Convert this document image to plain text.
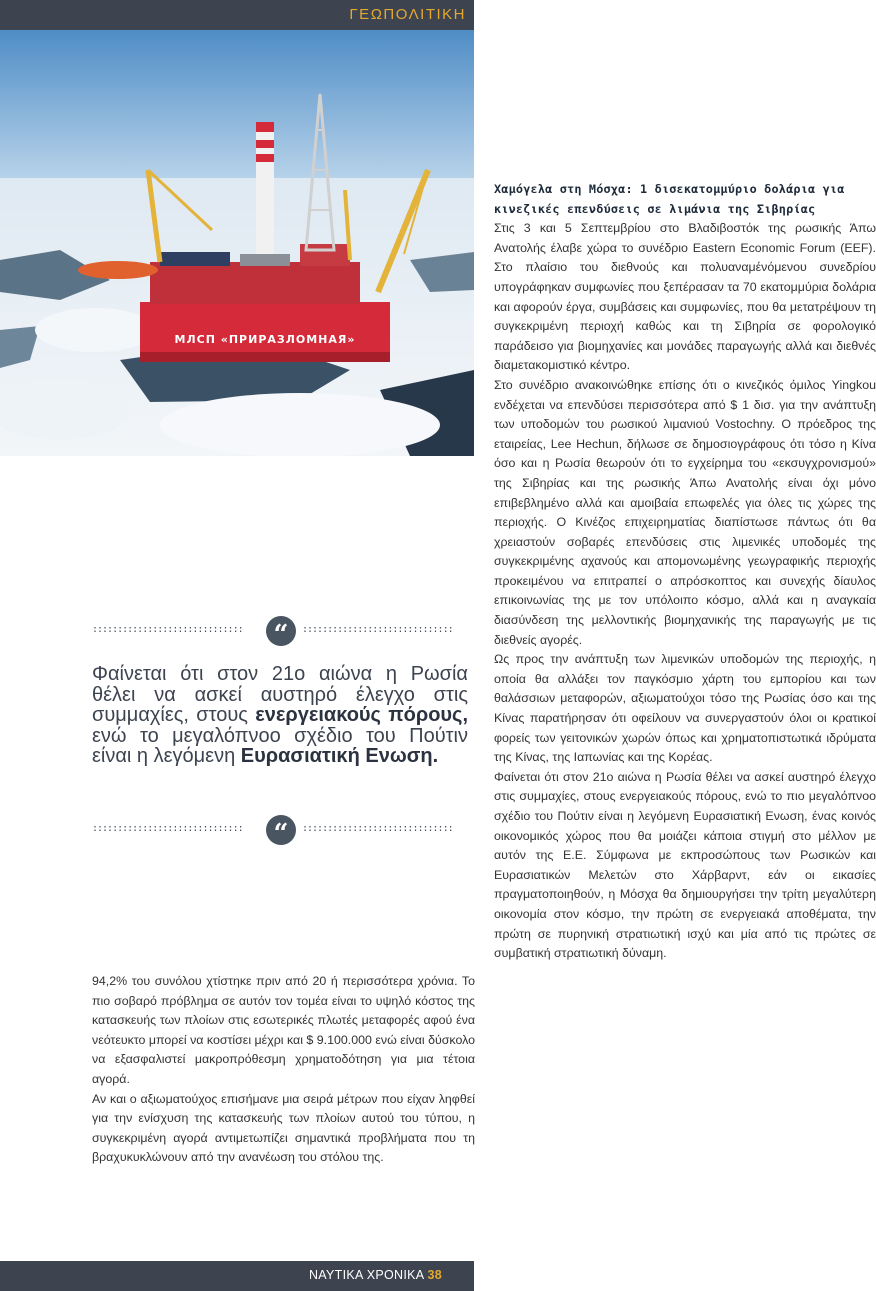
ΓΕΩΠΟΛΙΤΙΚΗ
МЛСП «ПРИРАЗЛОМНАЯ»
Χαμόγελα στη Μόσχα: 1 δισεκατομμύριο δολάρια για κινεζικές επενδύσεις σε λιμάνια της Σιβηρίας

Στις 3 και 5 Σεπτεμβρίου στο Βλαδιβοστόκ της ρωσικής Άπω Ανατολής έλαβε χώρα το συνέδριο Eastern Economic Forum (EEF). Στο πλαίσιο του διεθνούς και πολυαναμένόμενου συνεδρίου υπογράφηκαν συμφωνίες που ξεπέρασαν τα 70 εκατομμύρια δολάρια και αφορούν έργα, συμβάσεις και συμφωνίες, που θα μετατρέψουν τη συγκεκριμένη περιοχή καθώς και τη Σιβηρία σε φορολογικό παράδεισο για βιομηχανίες και μονάδες παραγωγής αλλά και διεθνές διαμετακομιστικό κέντρο.

Στο συνέδριο ανακοινώθηκε επίσης ότι ο κινεζικός όμιλος Yingkou ενδέχεται να επενδύσει περισσότερα από $ 1 δισ. για την ανάπτυξη των υποδομών του ρωσικού λιμανιού Vostochny. Ο πρόεδρος της εταιρείας, Lee Hechun, δήλωσε σε δημοσιογράφους ότι τόσο η Κίνα όσο και η Ρωσία θεωρούν ότι το εγχείρημα του «εκσυγχρονισμού» της Σιβηρίας και της ρωσικής Άπω Ανατολής είναι όχι μόνο επιβεβλημένο αλλά και αμοιβαία επωφελές για όλες τις χώρες της περιοχής. Ο Κινέζος επιχειρηματίας διαπίστωσε πάντως ότι θα χρειαστούν σοβαρές επενδύσεις στις λιμενικές υποδομές της συγκεκριμένης αχανούς και απομονωμένης γεωγραφικής περιοχής προκειμένου να επιτραπεί ο απρόσκοπτος και συνεχής δίαυλος επικοινωνίας της με τον υπόλοιπο κόσμο, αλλά και η αναγκαία διασύνδεση της μελλοντικής βιομηχανικής της παραγωγής με τις διεθνείς αγορές.

Ως προς την ανάπτυξη των λιμενικών υποδομών της περιοχής, η οποία θα αλλάξει τον παγκόσμιο χάρτη του εμπορίου και των θαλάσσιων μεταφορών, αξιωματούχοι τόσο της Ρωσίας όσο και της Κίνας παρατήρησαν ότι οφείλουν να συνεργαστούν όλοι οι κρατικοί φορείς των γειτονικών χωρών όπως και χρηματοπιστωτικά ιδρύματα της Κίνας, της Ιαπωνίας και της Κορέας.

Φαίνεται ότι στον 21ο αιώνα η Ρωσία θέλει να ασκεί αυστηρό έλεγχο στις συμμαχίες, στους ενεργειακούς πόρους, ενώ το πιο μεγαλόπνοο σχέδιο του Πούτιν είναι η λεγόμενη Ευρασιατική Ενωση, ένας κοινός οικονομικός χώρος που θα μοιάζει κάποια στιγμή στο μέλλον με αυτόν της Ε.Ε. Σύμφωνα με εκπροσώπους των Ρωσικών και Ευρασιατικών Μελετών στο Χάρβαρντ, εάν οι εικασίες πραγματοποιηθούν, η Μόσχα θα δημιουργήσει την τρίτη μεγαλύτερη οικονομία στον κόσμο, την πρώτη σε ενεργειακά αποθέματα, την πρώτη σε πυρηνική στρατιωτική ισχύ και μία από τις πρώτες σε συμβατική στρατιωτική δύναμη.

::::::::::::::::::::::::::::::	“	::::::::::::::::::::::::::::::
Φαίνεται ότι στον 21ο αιώνα η Ρωσία θέλει να ασκεί αυστηρό έλεγχο στις συμμαχίες, στους ενεργειακούς πόρους, ενώ το μεγαλόπνοο σχέδιο του Πούτιν είναι η λεγόμενη Ευρασιατική Ενωση.
::::::::::::::::::::::::::::::	“	::::::::::::::::::::::::::::::

94,2% του συνόλου χτίστηκε πριν από 20 ή περισσότερα χρόνια. Το πιο σοβαρό πρόβλημα σε αυτόν τον τομέα είναι το υψηλό κόστος της κατασκευής των πλοίων στις εσωτερικές πλωτές μεταφορές αφού ένα νεότευκτο μπορεί να κοστίσει μέχρι και $ 9.100.000 ενώ είναι δύσκολο να εξασφαλιστεί μακροπρόθεσμη χρηματοδότηση για μια τέτοια αγορά.

Αν και ο αξιωματούχος επισήμανε μια σειρά μέτρων που είχαν ληφθεί για την ενίσχυση της κατασκευής των πλοίων αυτού του τύπου, η συγκεκριμένη αγορά αντιμετωπίζει σημαντικά προβλήματα που τη βραχυκυκλώνουν από την ανανέωση του στόλου της.

ΝΑΥΤΙΚΑ ΧΡΟΝΙΚΑ 38
